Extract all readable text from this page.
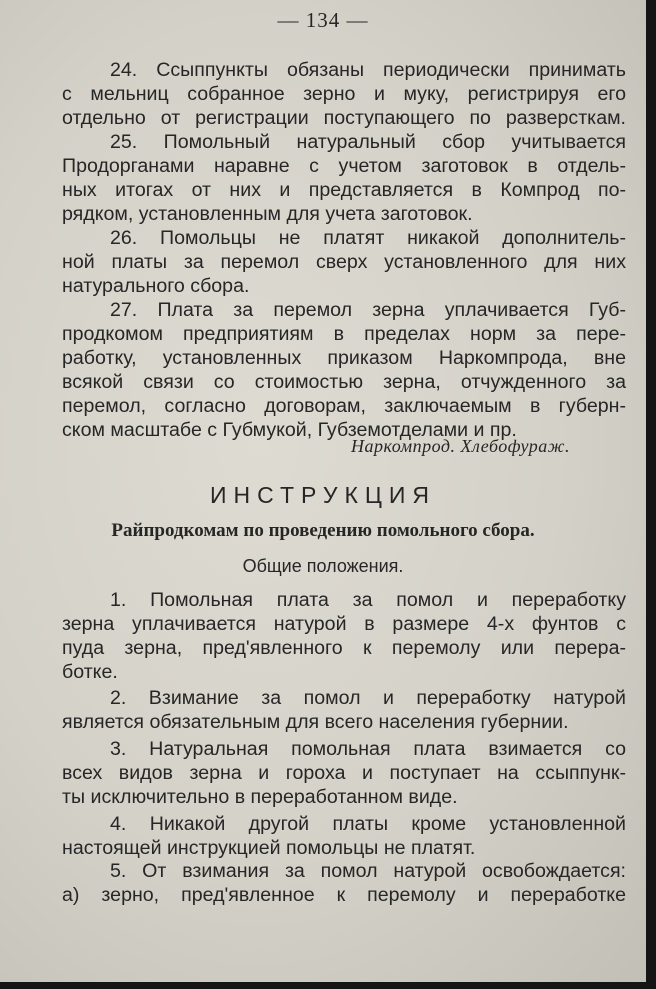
— 134 —
24. Ссыппункты обязаны периодически принимать
с мельниц собранное зерно и муку, регистрируя его
отдельно от регистрации поступающего по разверсткам.
25. Помольный натуральный сбор учитывается
Продорганами наравне с учетом заготовок в отдель-
ных итогах от них и представляется в Компрод по-
рядком, установленным для учета заготовок.
26. Помольцы не платят никакой дополнитель-
ной платы за перемол сверх установленного для них
натурального сбора.
27. Плата за перемол зерна уплачивается Губ-
продкомом предприятиям в пределах норм за пере-
работку, установленных приказом Наркомпрода, вне
всякой связи со стоимостью зерна, отчужденного за
перемол, согласно договорам, заключаемым в губерн-
ском масштабе с Губмукой, Губземотделами и пр.
Наркомпрод. Хлебофураж.
ИНСТРУКЦИЯ
Райпродкомам по проведению помольного сбора.
Общие положения.
1. Помольная плата за помол и переработку
зерна уплачивается натурой в размере 4-х фунтов с
пуда зерна, пред'явленного к перемолу или перера-
ботке.
2. Взимание за помол и переработку натурой
является обязательным для всего населения губернии.
3. Натуральная помольная плата взимается со
всех видов зерна и гороха и поступает на ссыппунк-
ты исключительно в переработанном виде.
4. Никакой другой платы кроме установленной
настоящей инструкцией помольцы не платят.
5. От взимания за помол натурой освобождается:
а) зерно, пред'явленное к перемолу и переработке
